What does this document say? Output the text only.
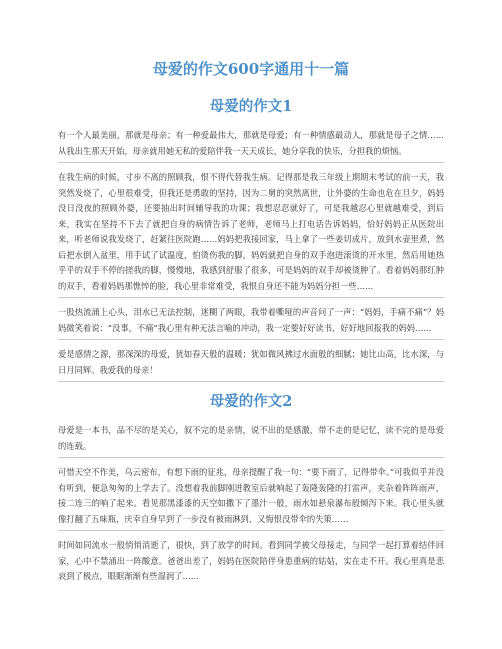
母爱的作文600字通用十一篇
母爱的作文1

有一个人最美丽，那就是母亲；有一种爱最伟大，那就是母爱；有一种情感最动人，那就是母子之情……从我出生那天开始，母亲就用她无私的爱陪伴我一天天成长，她分享我的快乐，分担我的烦恼。

在我生病的时候，寸步不离的照顾我，恨不得代替我生病。记得那是我三年级上期期末考试的前一天，我突然发烧了，心里很难受，但我还是勇敢的坚持，因为二舅的突然离世，让外婆的生命也危在旦夕，妈妈没日没夜的照顾外婆，还要抽出时间辅导我的功课；我想忍忍就好了，可是我越忍心里就越难受，到后来，我实在坚持不下去了就把自身的病情告诉了老师，老师马上打电话告诉妈妈，恰好妈妈正从医院出来，听老师说我发烧了，赶紧往医院跑……妈妈把我接回家，马上拿了一些姜切成片，放到水壶里煮，然后把水倒入盆里，用手试了试温度，怕烫伤我的脚，妈妈就把自身的双手泡进滚烫的开水里，然后用她热乎乎的双手不停的搓我的脚，慢慢地，我感到舒服了很多，可是妈妈的双手却被烫肿了。看着妈妈那红肿的双手，看着妈妈那憔悴的脸，我心里非常难受，我恨自身还不能为妈妈分担一些……

一股热流涌上心头，泪水已无法控制，迷糊了两眼，我带着嘶哑的声音问了一声：“妈妈，手痛不痛”？妈妈微笑着说：“没事，不痛”我心里有种无法言喻的冲动，我一定要好好读书，好好地回报我的妈妈……

爱是感情之源，那深深的母爱，犹如春天般的温暖；犹如微风拂过水面般的细腻；她比山高，比水深，与日月同辉。我爱我的母亲！

母爱的作文2

母爱是一本书，品不尽的是关心，叙不完的是亲情，说不出的是感激，带不走的是记忆，读不完的是母爱的连载。

可惜天空不作美，乌云密布，有想下雨的征兆，母亲提醒了我一句：“要下雨了，记得带伞。”可我似乎并没有听到，便急匆匆的上学去了。没想着我前脚刚进教室后就响起了轰隆轰隆的打雷声，夹杂着阵阵雨声，接二连三的响了起来。看见那黑漆漆的天空如撒下了墨汁一般，雨水如悬泉瀑布般倾泻下来。我心里头就像打翻了五味瓶，庆幸自身早到了一步没有被雨淋到，又悔恨没带伞的失策……

时间如同流水一般悄悄消逝了，很快，到了放学的时间。看到同学被父母接走，与同学一起打算着结伴回家，心中不禁涌出一阵酸意。爸爸出差了，妈妈在医院陪伴身患重病的姑姑，实在走不开。我心里真是悲哀到了极点，眼眶渐渐有些湿润了……
